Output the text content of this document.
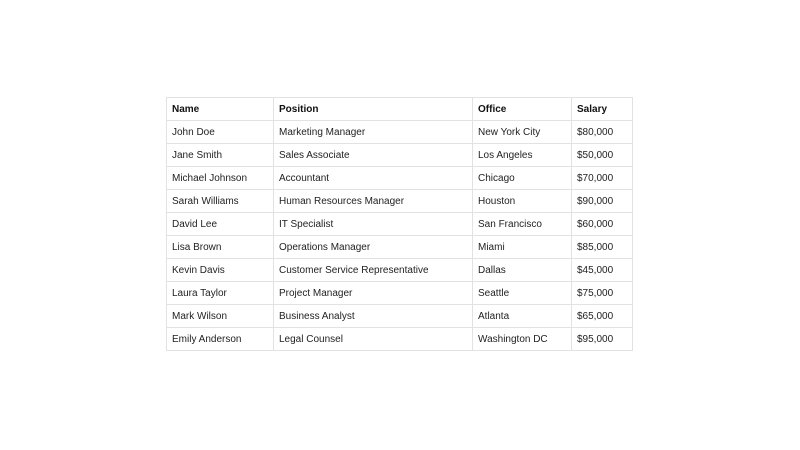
Name	Position	Office	Salary
John Doe	Marketing Manager	New York City	$80,000
Jane Smith	Sales Associate	Los Angeles	$50,000
Michael Johnson	Accountant	Chicago	$70,000
Sarah Williams	Human Resources Manager	Houston	$90,000
David Lee	IT Specialist	San Francisco	$60,000
Lisa Brown	Operations Manager	Miami	$85,000
Kevin Davis	Customer Service Representative	Dallas	$45,000
Laura Taylor	Project Manager	Seattle	$75,000
Mark Wilson	Business Analyst	Atlanta	$65,000
Emily Anderson	Legal Counsel	Washington DC	$95,000
